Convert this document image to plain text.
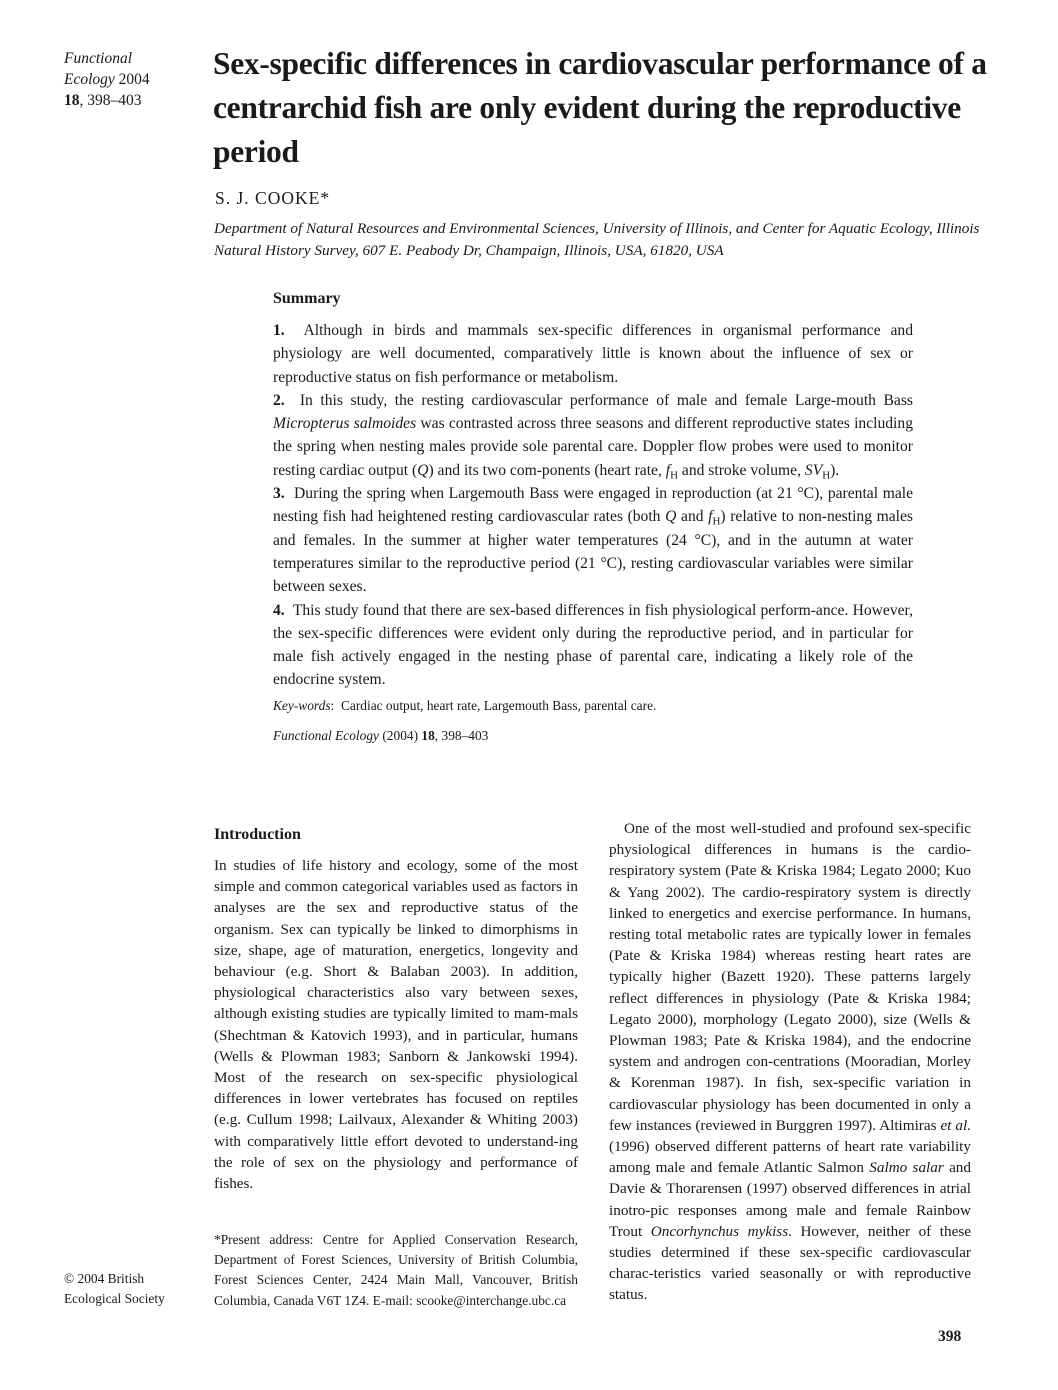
Functional
Ecology 2004
18, 398–403
Sex-specific differences in cardiovascular performance of a centrarchid fish are only evident during the reproductive period
S. J. COOKE*
Department of Natural Resources and Environmental Sciences, University of Illinois, and Center for Aquatic Ecology, Illinois Natural History Survey, 607 E. Peabody Dr, Champaign, Illinois, USA, 61820, USA
Summary

1. Although in birds and mammals sex-specific differences in organismal performance and physiology are well documented, comparatively little is known about the influence of sex or reproductive status on fish performance or metabolism.

2. In this study, the resting cardiovascular performance of male and female Large-mouth Bass Micropterus salmoides was contrasted across three seasons and different reproductive states including the spring when nesting males provide sole parental care. Doppler flow probes were used to monitor resting cardiac output (Q) and its two com-ponents (heart rate, $f_H$ and stroke volume, $SV_H$).

3. During the spring when Largemouth Bass were engaged in reproduction (at 21 °C), parental male nesting fish had heightened resting cardiovascular rates (both Q and $f_H$) relative to non-nesting males and females. In the summer at higher water temperatures (24 °C), and in the autumn at water temperatures similar to the reproductive period (21 °C), resting cardiovascular variables were similar between sexes.

4. This study found that there are sex-based differences in fish physiological perform-ance. However, the sex-specific differences were evident only during the reproductive period, and in particular for male fish actively engaged in the nesting phase of parental care, indicating a likely role of the endocrine system.

Key-words:  Cardiac output, heart rate, Largemouth Bass, parental care.
Functional Ecology (2004) 18, 398–403
Introduction

In studies of life history and ecology, some of the most simple and common categorical variables used as factors in analyses are the sex and reproductive status of the organism. Sex can typically be linked to dimorphisms in size, shape, age of maturation, energetics, longevity and behaviour (e.g. Short & Balaban 2003). In addition, physiological characteristics also vary between sexes, although existing studies are typically limited to mam-mals (Shechtman & Katovich 1993), and in particular, humans (Wells & Plowman 1983; Sanborn & Jankowski 1994). Most of the research on sex-specific physiological differences in lower vertebrates has focused on reptiles (e.g. Cullum 1998; Lailvaux, Alexander & Whiting 2003) with comparatively little effort devoted to understand-ing the role of sex on the physiology and performance of fishes.

One of the most well-studied and profound sex-specific physiological differences in humans is the cardio-respiratory system (Pate & Kriska 1984; Legato 2000; Kuo & Yang 2002). The cardio-respiratory system is directly linked to energetics and exercise performance. In humans, resting total metabolic rates are typically lower in females (Pate & Kriska 1984) whereas resting heart rates are typically higher (Bazett 1920). These patterns largely reflect differences in physiology (Pate & Kriska 1984; Legato 2000), morphology (Legato 2000), size (Wells & Plowman 1983; Pate & Kriska 1984), and the endocrine system and androgen con-centrations (Mooradian, Morley & Korenman 1987). In fish, sex-specific variation in cardiovascular physiology has been documented in only a few instances (reviewed in Burggren 1997). Altimiras et al. (1996) observed different patterns of heart rate variability among male and female Atlantic Salmon Salmo salar and Davie & Thorarensen (1997) observed differences in atrial inotro-pic responses among male and female Rainbow Trout Oncorhynchus mykiss. However, neither of these studies determined if these sex-specific cardiovascular charac-teristics varied seasonally or with reproductive status.

*Present address: Centre for Applied Conservation Research, Department of Forest Sciences, University of British Columbia, Forest Sciences Center, 2424 Main Mall, Vancouver, British Columbia, Canada V6T 1Z4. E-mail: scooke@interchange.ubc.ca
© 2004 British
Ecological Society
398
